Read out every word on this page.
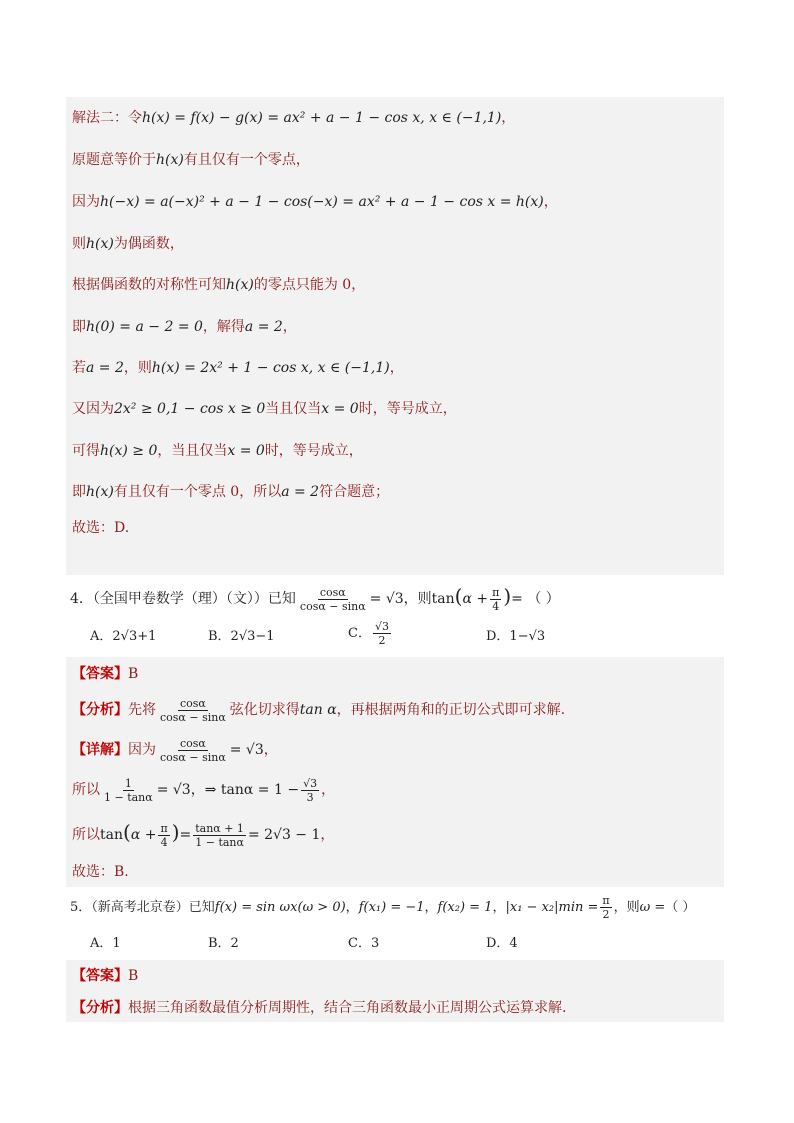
解法二：令h(x) = f(x) − g(x) = ax² + a − 1 − cos x, x ∈ (−1,1)，
原题意等价于h(x)有且仅有一个零点，
因为h(−x) = a(−x)² + a − 1 − cos(−x) = ax² + a − 1 − cos x = h(x)，
则h(x)为偶函数，
根据偶函数的对称性可知h(x)的零点只能为 0，
即h(0) = a − 2 = 0，解得a = 2，
若a = 2，则h(x) = 2x² + 1 − cos x, x ∈ (−1,1)，
又因为2x² ≥ 0,1 − cos x ≥ 0当且仅当x = 0时，等号成立，
可得h(x) ≥ 0，当且仅当x = 0时，等号成立，
即h(x)有且仅有一个零点 0，所以a = 2符合题意；
故选：D.
4．（全国甲卷数学（理）（文））已知 $\frac{\cos\alpha}{\cos\alpha - \sin\alpha} = √3$，则$\tan(\alpha + \frac{\pi}{4}$ )= （ ）
A．2√3+1	B．2√3−1	C． $\frac{√3}{2}$	D．1−√3
【答案】B
【分析】先将 $\frac{\cos\alpha}{\cos\alpha - \sin\alpha}$ 弦化切求得tan α，再根据两角和的正切公式即可求解.
【详解】因为 $\frac{\cos\alpha}{\cos\alpha - \sin\alpha} = √3$，
所以 $\frac{1}{1 - \tan\alpha} = √3$，⇒ $\tan\alpha = 1 - \frac{√3}{3}$ ，
所以$\tan(\alpha + \frac{\pi}{4}$ )= $\frac{\tan\alpha + 1}{1 - \tan\alpha} = 2√3 - 1$，
故选：B.
5．（新高考北京卷）已知f(x) = sin ωx(ω > 0)，f(x₁) = −1，f(x₂) = 1，$|x_1 - x_2|\min = \frac{\pi}{2}$ ，则ω =（ ）
A．1	B．2	C．3	D．4
【答案】B
【分析】根据三角函数最值分析周期性，结合三角函数最小正周期公式运算求解.
